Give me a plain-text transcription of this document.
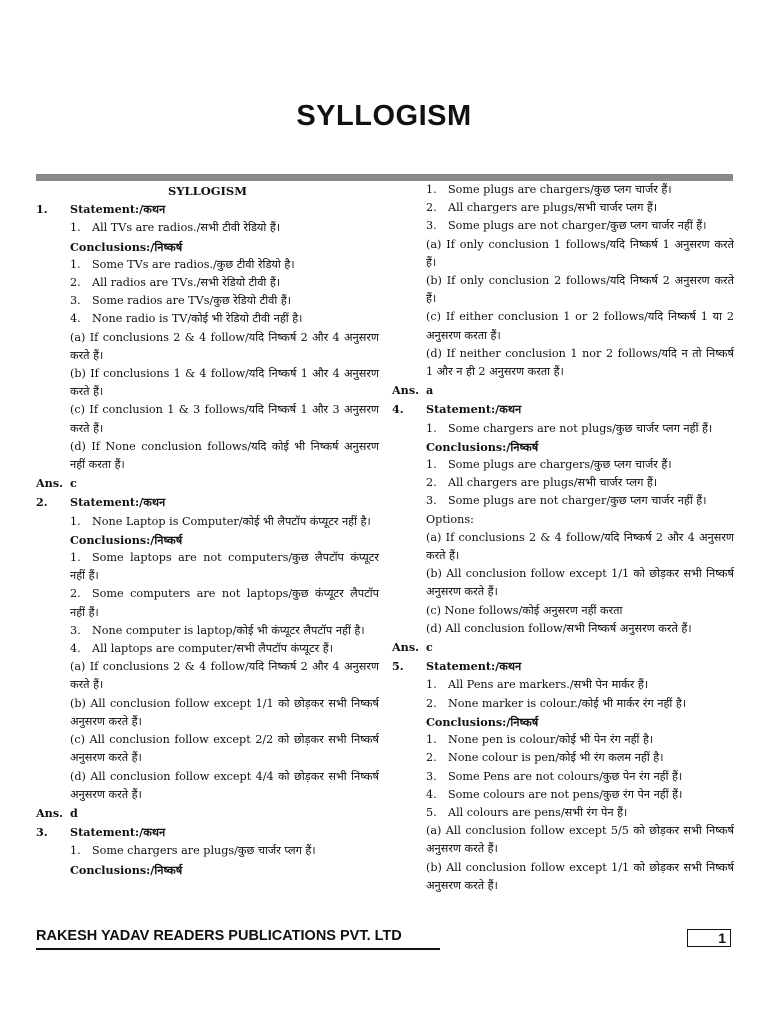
SYLLOGISM
SYLLOGISM
1. Statement:/कथन
1. All TVs are radios./सभी टीवी रेडियो हैं।
Conclusions:/निष्कर्ष
1. Some TVs are radios./कुछ टीवी रेडियो है।
2. All radios are TVs./सभी रेडियो टीवी हैं।
3. Some radios are TVs/कुछ रेडियो टीवी हैं।
4. None radio is TV/कोई भी रेडियो टीवी नहीं है।
(a) If conclusions 2 & 4 follow/यदि निष्कर्ष 2 और 4 अनुसरण करते हैं।
(b) If conclusions 1 & 4 follow/यदि निष्कर्ष 1 और 4 अनुसरण करते हैं।
(c) If conclusion 1 & 3 follows/यदि निष्कर्ष 1 और 3 अनुसरण करते हैं।
(d) If None conclusion follows/यदि कोई भी निष्कर्ष अनुसरण नहीं करता हैं।
Ans. c
2. Statement:/कथन
1. None Laptop is Computer/कोई भी लैपटॉप कंप्यूटर नहीं है।
Conclusions:/निष्कर्ष
1. Some laptops are not computers/कुछ लैपटॉप कंप्यूटर नहीं हैं।
2. Some computers are not laptops/कुछ कंप्यूटर लैपटॉप नहीं हैं।
3. None computer is laptop/कोई भी कंप्यूटर लैपटॉप नहीं है।
4. All laptops are computer/सभी लैपटॉप कंप्यूटर हैं।
(a) If conclusions 2 & 4 follow/यदि निष्कर्ष 2 और 4 अनुसरण करते हैं।
(b) All conclusion follow except 1/1 को छोड़कर सभी निष्कर्ष अनुसरण करते हैं।
(c) All conclusion follow except 2/2 को छोड़कर सभी निष्कर्ष अनुसरण करते हैं।
(d) All conclusion follow except 4/4 को छोड़कर सभी निष्कर्ष अनुसरण करते हैं।
Ans. d
3. Statement:/कथन
1. Some chargers are plugs/कुछ चार्जर प्लग हैं।
Conclusions:/निष्कर्ष
1. Some plugs are chargers/कुछ प्लग चार्जर हैं।
2. All chargers are plugs/सभी चार्जर प्लग हैं।
3. Some plugs are not charger/कुछ प्लग चार्जर नहीं हैं।
(a) If only conclusion 1 follows/यदि निष्कर्ष 1 अनुसरण करते हैं।
(b) If only conclusion 2 follows/यदि निष्कर्ष 2 अनुसरण करते हैं।
(c) If either conclusion 1 or 2 follows/यदि निष्कर्ष 1 या 2 अनुसरण करता हैं।
(d) If neither conclusion 1 nor 2 follows/यदि न तो निष्कर्ष 1 और न ही 2 अनुसरण करता हैं।
Ans. a
4. Statement:/कथन
1. Some chargers are not plugs/कुछ चार्जर प्लग नहीं हैं।
Conclusions:/निष्कर्ष
1. Some plugs are chargers/कुछ प्लग चार्जर हैं।
2. All chargers are plugs/सभी चार्जर प्लग हैं।
3. Some plugs are not charger/कुछ प्लग चार्जर नहीं हैं।
Options:
(a) If conclusions 2 & 4 follow/यदि निष्कर्ष 2 और 4 अनुसरण करते हैं।
(b) All conclusion follow except 1/1 को छोड़कर सभी निष्कर्ष अनुसरण करते हैं।
(c) None follows/कोई अनुसरण नहीं करता
(d) All conclusion follow/सभी निष्कर्ष अनुसरण करते हैं।
Ans. c
5. Statement:/कथन
1. All Pens are markers./सभी पेन मार्कर हैं।
2. None marker is colour./कोई भी मार्कर रंग नहीं है।
Conclusions:/निष्कर्ष
1. None pen is colour/कोई भी पेन रंग नहीं है।
2. None colour is pen/कोई भी रंग कलम नहीं है।
3. Some Pens are not colours/कुछ पेन रंग नहीं हैं।
4. Some colours are not pens/कुछ रंग पेन नहीं हैं।
5. All colours are pens/सभी रंग पेन हैं।
(a) All conclusion follow except 5/5 को छोड़कर सभी निष्कर्ष अनुसरण करते हैं।
(b) All conclusion follow except 1/1 को छोड़कर सभी निष्कर्ष अनुसरण करते हैं।
RAKESH YADAV READERS PUBLICATIONS PVT. LTD	1
